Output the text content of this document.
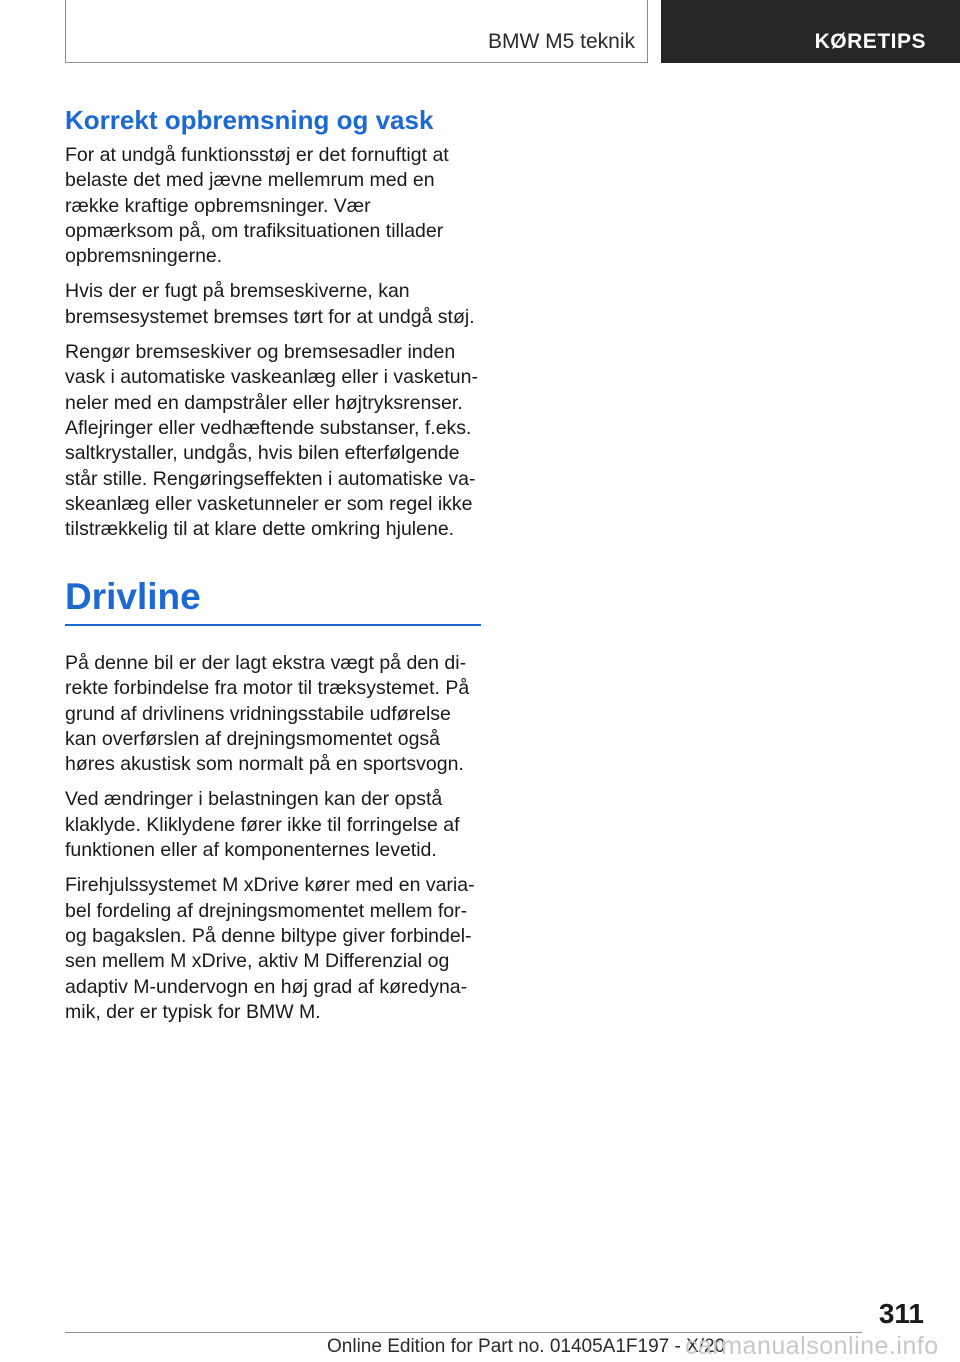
BMW M5 teknik	KØRETIPS
Korrekt opbremsning og vask

For at undgå funktionsstøj er det fornuftigt at belaste det med jævne mellemrum med en række kraftige opbremsninger. Vær opmærksom på, om trafiksituationen tillader opbremsningerne.

Hvis der er fugt på bremseskiverne, kan bremsesystemet bremses tørt for at undgå støj.

Rengør bremseskiver og bremsesadler inden vask i automatiske vaskeanlæg eller i vasketunneler med en dampstråler eller højtryksrenser. Aflejringer eller vedhæftende substanser, f.eks. saltkrystaller, undgås, hvis bilen efterfølgende står stille. Rengøringseffekten i automatiske vaskeanlæg eller vasketunneler er som regel ikke tilstrækkelig til at klare dette omkring hjulene.

Drivline

På denne bil er der lagt ekstra vægt på den direkte forbindelse fra motor til træksystemet. På grund af drivlinens vridningsstabile udførelse kan overførslen af drejningsmomentet også høres akustisk som normalt på en sportsvogn.

Ved ændringer i belastningen kan der opstå klaklyde. Kliklydene fører ikke til forringelse af funktionen eller af komponenternes levetid.

Firehjulssystemet M xDrive kører med en variabel fordeling af drejningsmomentet mellem for- og bagakslen. På denne biltype giver forbindelsen mellem M xDrive, aktiv M Differenzial og adaptiv M-undervogn en høj grad af køredynamik, der er typisk for BMW M.

311
Online Edition for Part no. 01405A1F197 - X/20
carmanualsonline.info
